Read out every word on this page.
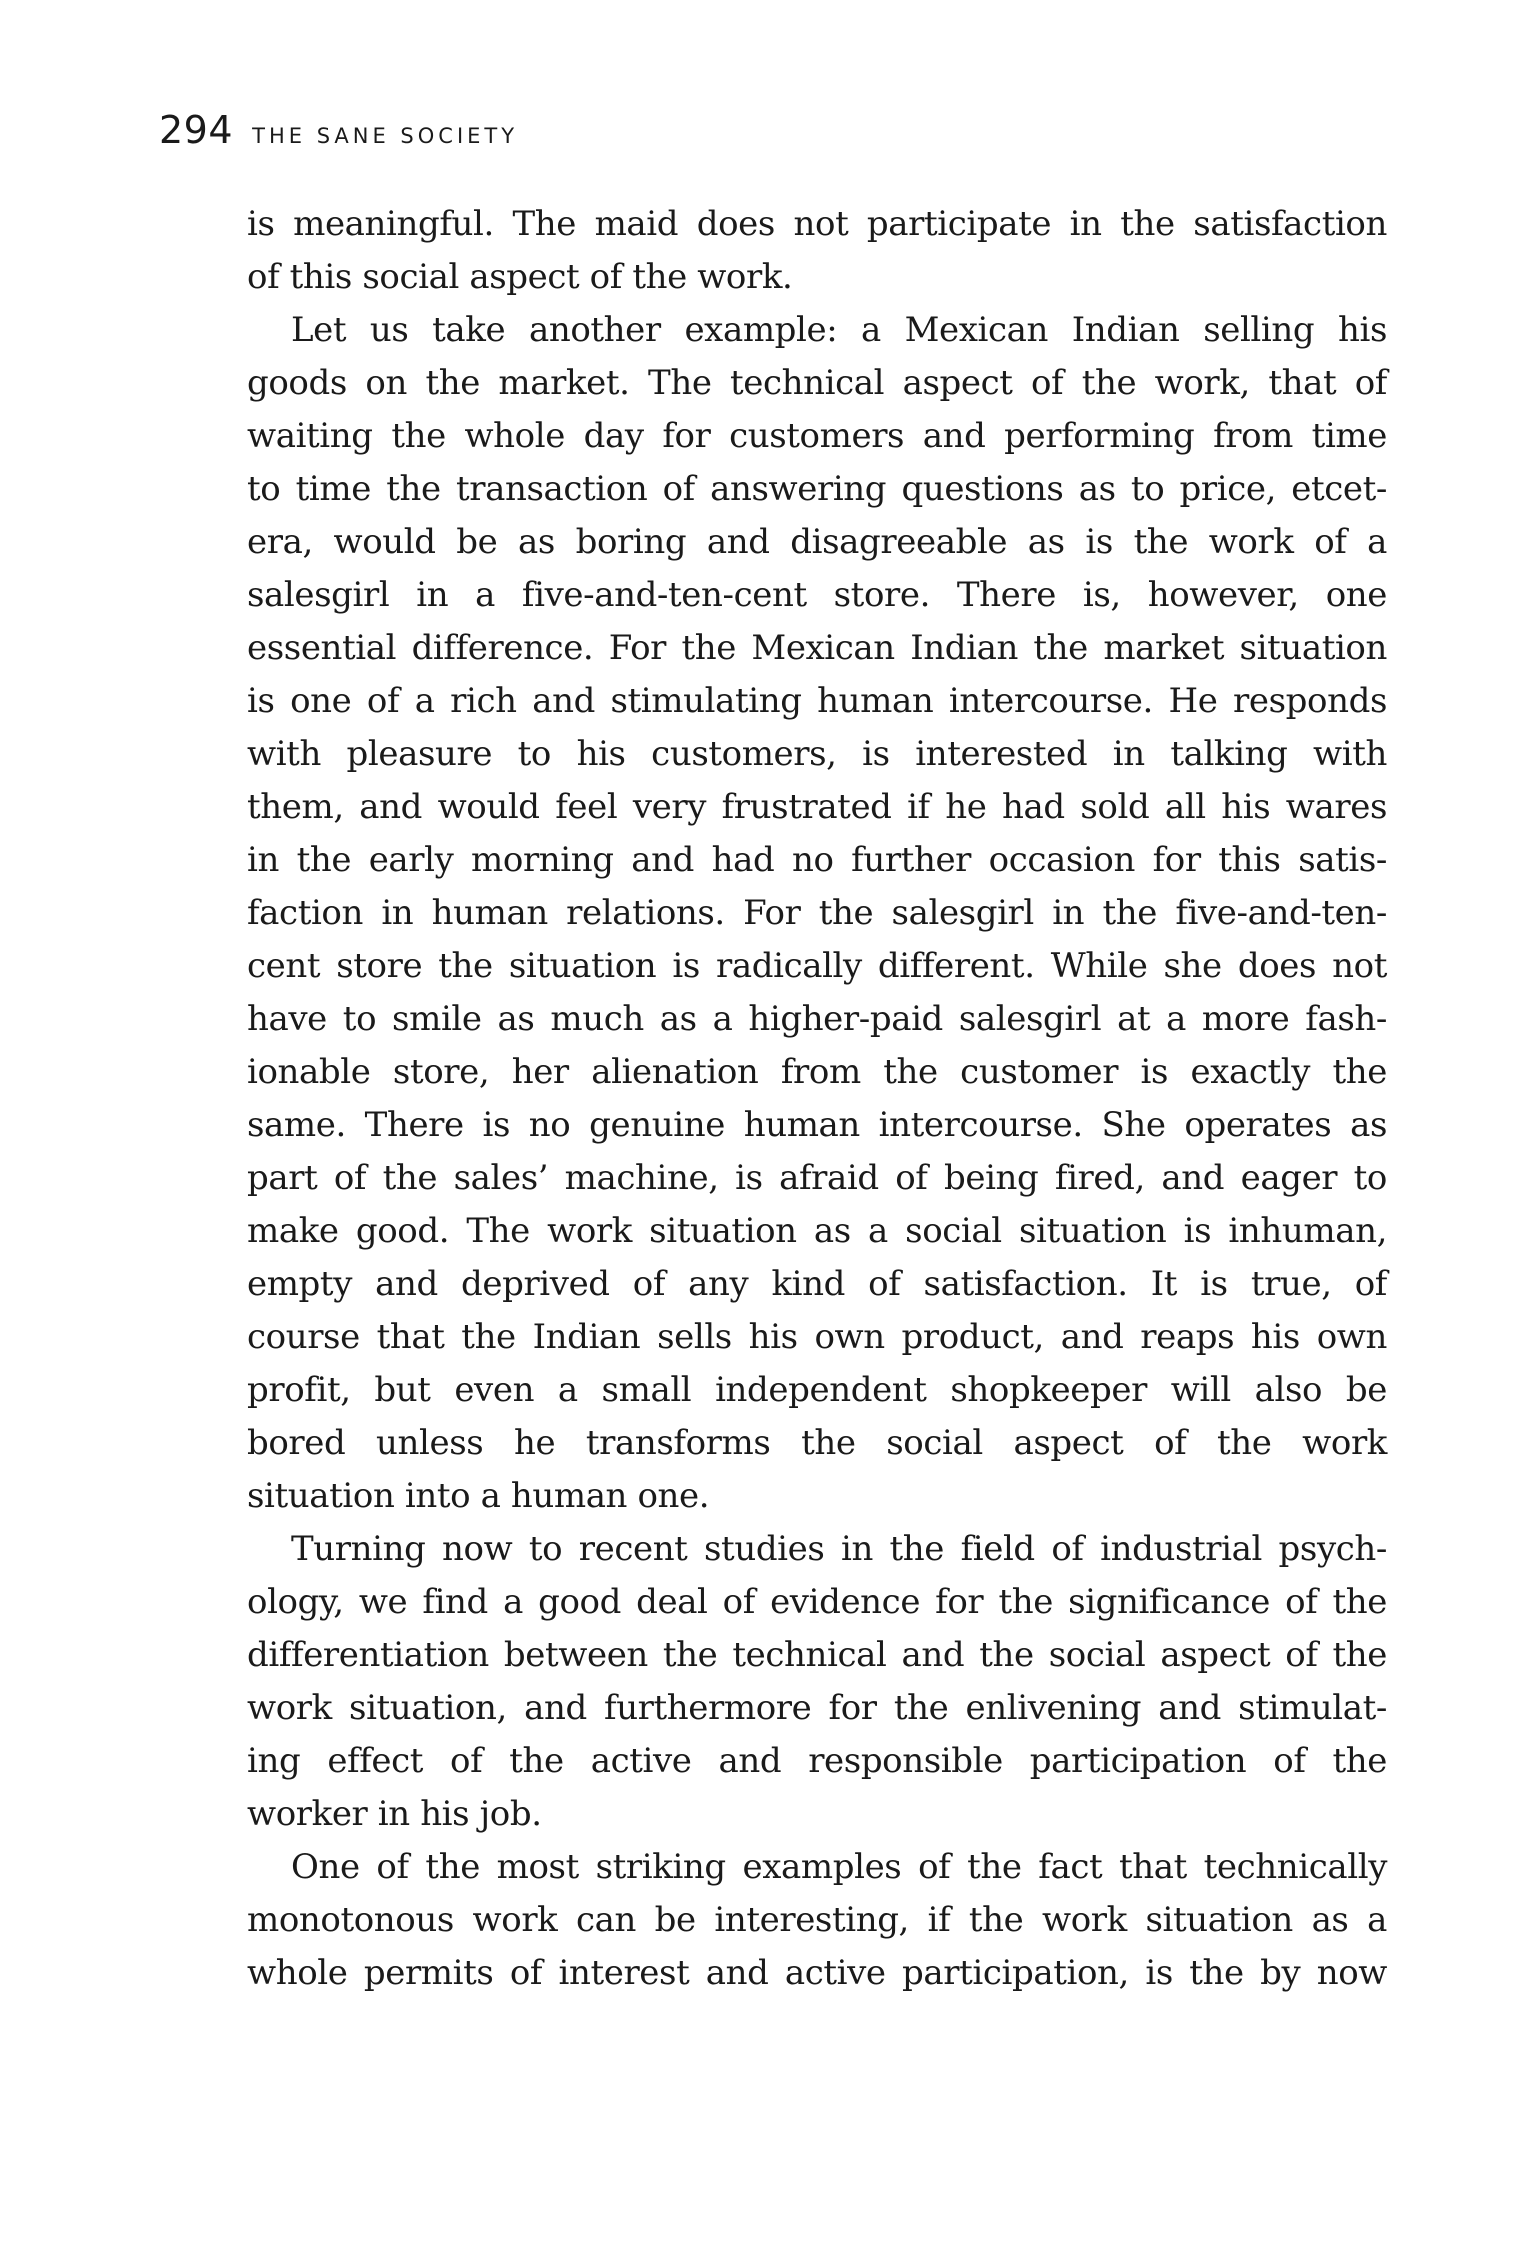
294 THE SANE SOCIETY

is meaningful. The maid does not participate in the satisfaction
of this social aspect of the work.

Let us take another example: a Mexican Indian selling his
goods on the market. The technical aspect of the work, that of
waiting the whole day for customers and performing from time
to time the transaction of answering questions as to price, etcet-
era, would be as boring and disagreeable as is the work of a
salesgirl in a five-and-ten-cent store. There is, however, one
essential difference. For the Mexican Indian the market situation
is one of a rich and stimulating human intercourse. He responds
with pleasure to his customers, is interested in talking with
them, and would feel very frustrated if he had sold all his wares
in the early morning and had no further occasion for this satis-
faction in human relations. For the salesgirl in the five-and-ten-
cent store the situation is radically different. While she does not
have to smile as much as a higher-paid salesgirl at a more fash-
ionable store, her alienation from the customer is exactly the
same. There is no genuine human intercourse. She operates as
part of the sales’ machine, is afraid of being fired, and eager to
make good. The work situation as a social situation is inhuman,
empty and deprived of any kind of satisfaction. It is true, of
course that the Indian sells his own product, and reaps his own
profit, but even a small independent shopkeeper will also be
bored unless he transforms the social aspect of the work
situation into a human one.

Turning now to recent studies in the field of industrial psych-
ology, we find a good deal of evidence for the significance of the
differentiation between the technical and the social aspect of the
work situation, and furthermore for the enlivening and stimulat-
ing effect of the active and responsible participation of the
worker in his job.

One of the most striking examples of the fact that technically
monotonous work can be interesting, if the work situation as a
whole permits of interest and active participation, is the by now
